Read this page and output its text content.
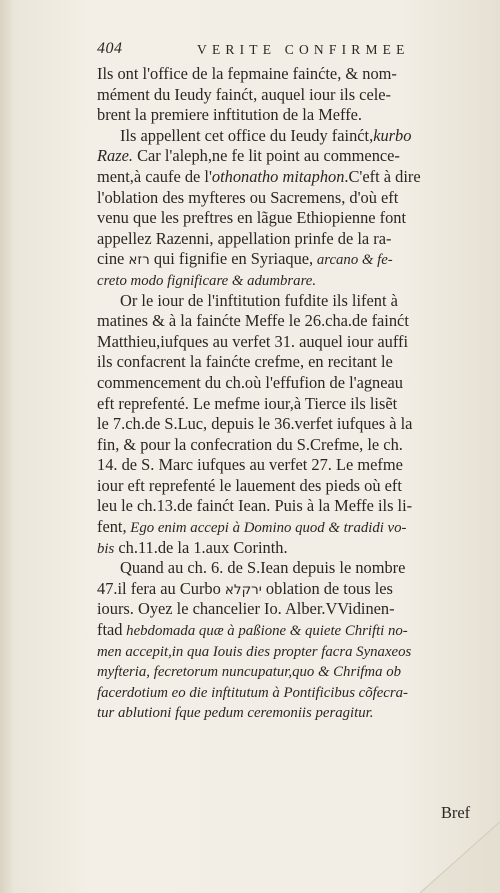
404	VERITE CONFIRMEE
Ils ont l'office de la fepmaine fainćte, & nom-
mément du Ieudy fainćt, auquel iour ils cele-
brent la premiere inftitution de la Meffe.
Ils appellent cet office du Ieudy fainćt,kurbo
Raze. Car l'aleph,ne fe lit point au commence-
ment,à caufe de l'othonatho mitaphon.C'eft à dire
l'oblation des myfteres ou Sacremens, d'où eft
venu que les preftres en lãgue Ethiopienne font
appellez Razenni, appellation prinfe de la ra-
cine רזא qui fignifie en Syriaque, arcano & fe-
creto modo fignificare & adumbrare.
Or le iour de l'inftitution fufdite ils lifent à
matines & à la fainćte Meffe le 26.cha.de fainćt
Matthieu,iufques au verfet 31. auquel iour auffi
ils confacrent la fainćte crefme, en recitant le
commencement du ch.où l'effufion de l'agneau
eft reprefenté. Le mefme iour,à Tierce ils lisẽt
le 7.ch.de S.Luc, depuis le 36.verfet iufques à la
fin, & pour la confecration du S.Crefme, le ch.
14. de S. Marc iufques au verfet 27. Le mefme
iour eft reprefenté le lauement des pieds où eft
leu le ch.13.de fainćt Iean. Puis à la Meffe ils li-
fent, Ego enim accepi à Domino quod & tradidi vo-
bis ch.11.de la 1.aux Corinth.
Quand au ch. 6. de S.Iean depuis le nombre
47.il fera au Curbo ירקלא oblation de tous les
iours. Oyez le chancelier Io. Alber.VVidinen-
ftad hebdomada quæ à paßione & quiete Chrifti no-
men accepit,in qua Iouis dies propter facra Synaxeos
myfteria, fecretorum nuncupatur,quo & Chrifma ob
facerdotium eo die inftitutum à Pontificibus cõfecra-
tur ablutioni fque pedum ceremoniis peragitur.
Bref
